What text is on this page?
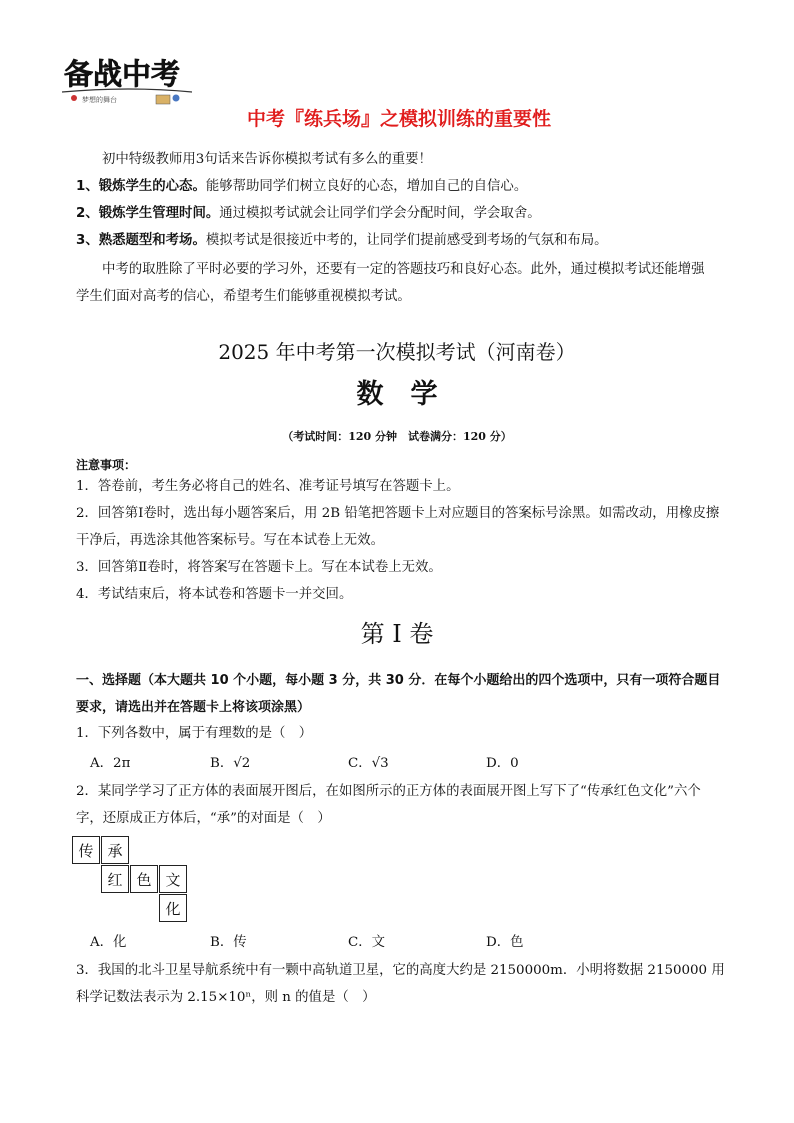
备战中考
梦想的舞台
中考『练兵场』之模拟训练的重要性
初中特级教师用3句话来告诉你模拟考试有多么的重要！
1、锻炼学生的心态。能够帮助同学们树立良好的心态，增加自己的自信心。
2、锻炼学生管理时间。通过模拟考试就会让同学们学会分配时间，学会取舍。
3、熟悉题型和考场。模拟考试是很接近中考的，让同学们提前感受到考场的气氛和布局。
中考的取胜除了平时必要的学习外，还要有一定的答题技巧和良好心态。此外，通过模拟考试还能增强学生们面对高考的信心，希望考生们能够重视模拟考试。
2025 年中考第一次模拟考试（河南卷）
数　学
（考试时间：120 分钟　试卷满分：120 分）
注意事项：
1．答卷前，考生务必将自己的姓名、准考证号填写在答题卡上。
2．回答第Ⅰ卷时，选出每小题答案后，用 2B 铅笔把答题卡上对应题目的答案标号涂黑。如需改动，用橡皮擦干净后，再选涂其他答案标号。写在本试卷上无效。
3．回答第Ⅱ卷时，将答案写在答题卡上。写在本试卷上无效。
4．考试结束后，将本试卷和答题卡一并交回。
第 I 卷
一、选择题（本大题共 10 个小题，每小题 3 分，共 30 分．在每个小题给出的四个选项中，只有一项符合题目要求，请选出并在答题卡上将该项涂黑）
1．下列各数中，属于有理数的是（　）
A．2π	B．√2	C．√3	D．0
2．某同学学习了正方体的表面展开图后，在如图所示的正方体的表面展开图上写下了“传承红色文化”六个字，还原成正方体后，“承”的对面是（　）
传 承
红 色 文
化
A．化	B．传	C．文	D．色
3．我国的北斗卫星导航系统中有一颗中高轨道卫星，它的高度大约是 2150000m．小明将数据 2150000 用科学记数法表示为 2.15×10ⁿ，则 n 的值是（　）
